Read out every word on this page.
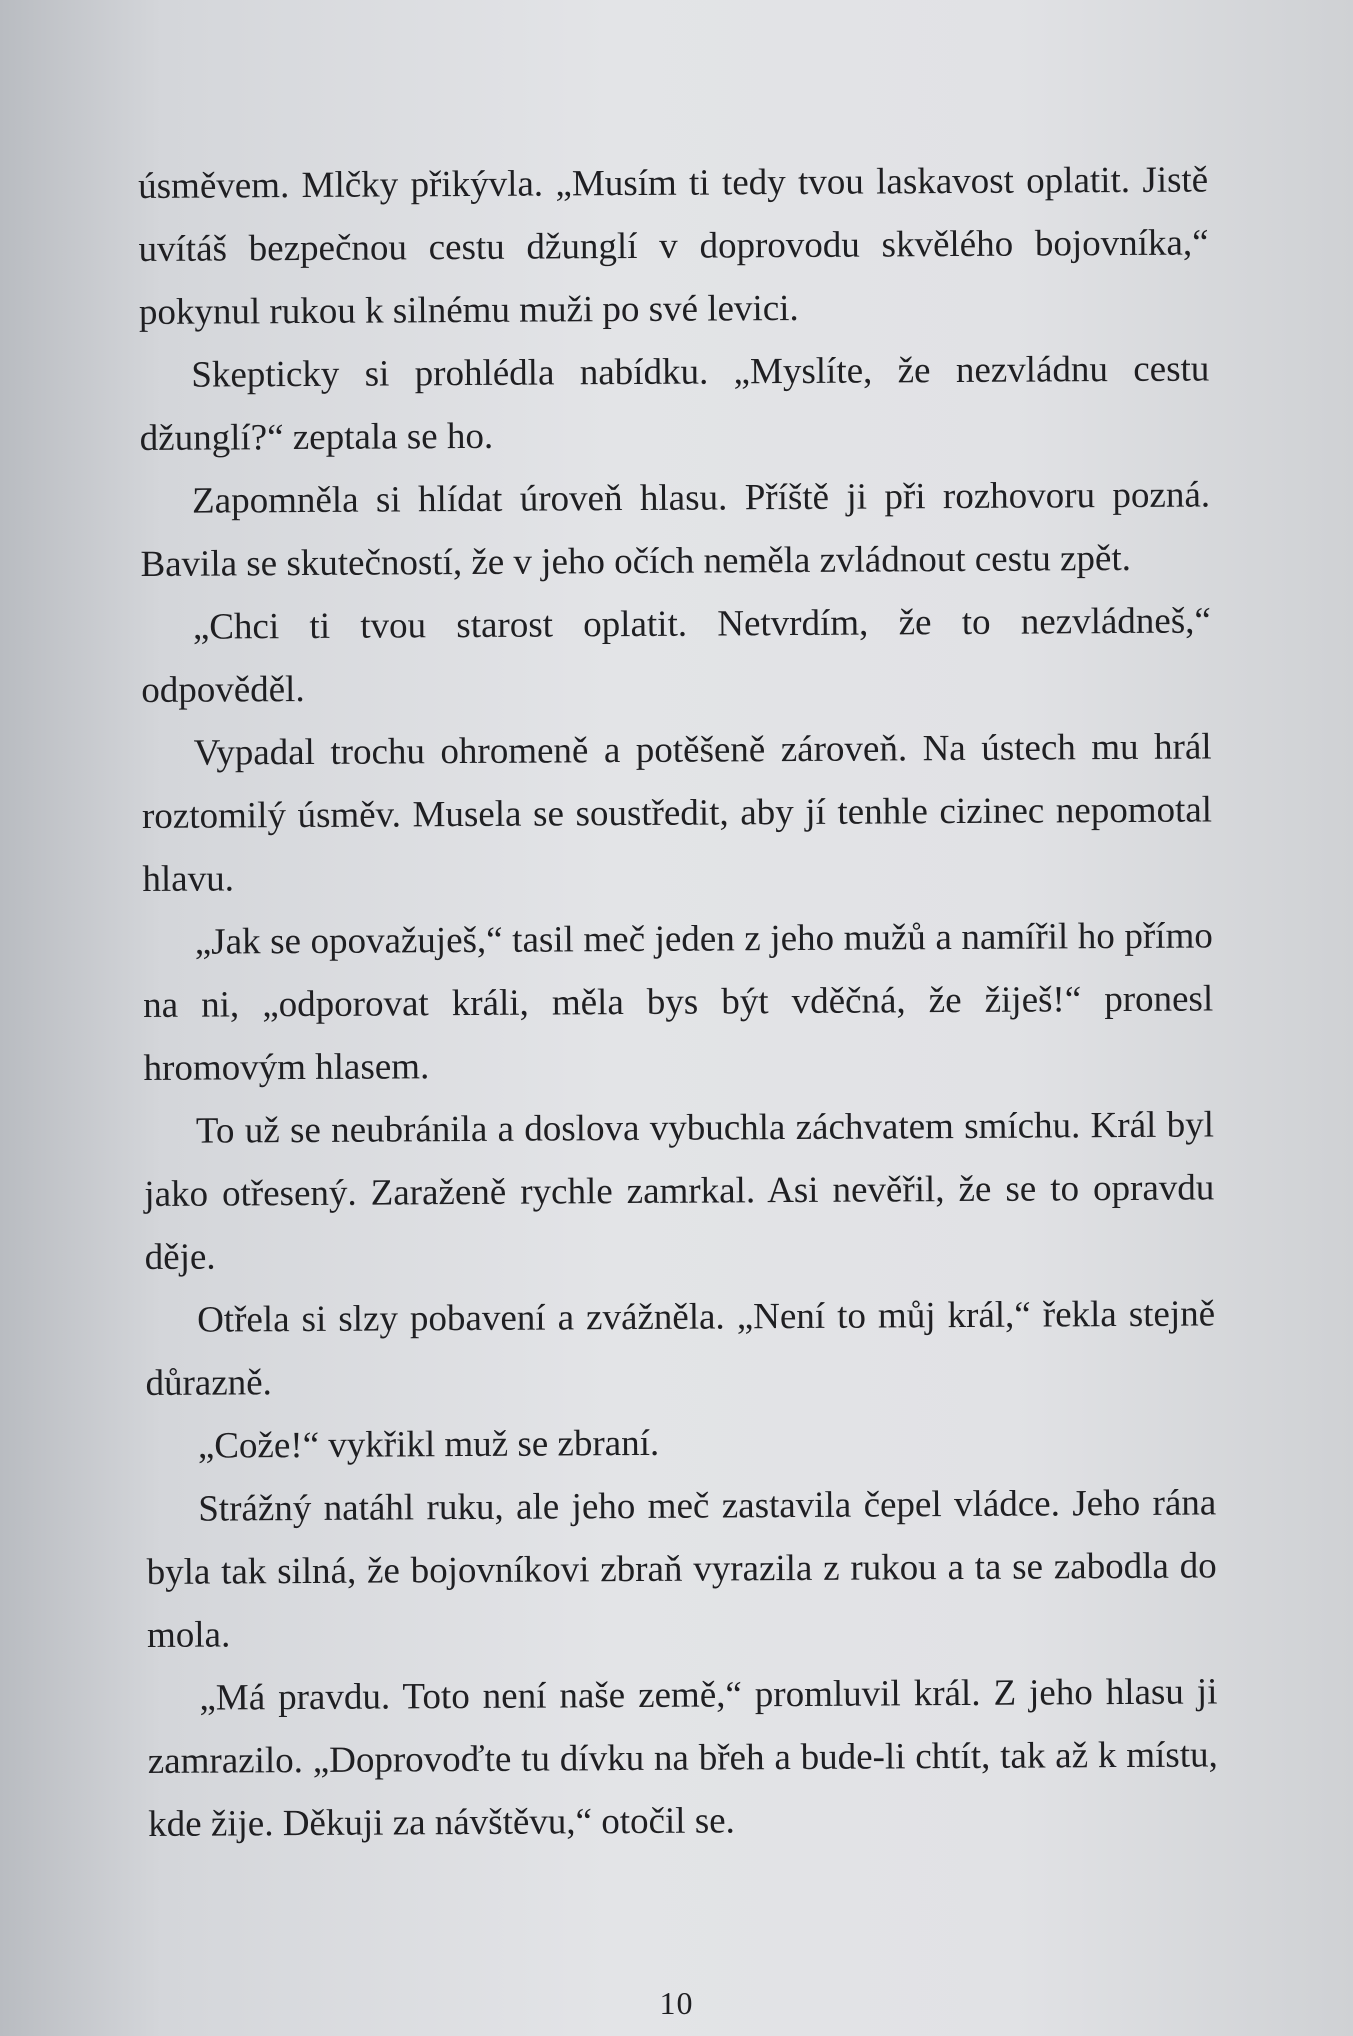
úsměvem. Mlčky přikývla. „Musím ti tedy tvou laskavost oplatit. Jistě uvítáš bezpečnou cestu džunglí v doprovodu skvělého bojovníka,“ pokynul rukou k silnému muži po své levici.

Skepticky si prohlédla nabídku. „Myslíte, že nezvládnu cestu džunglí?“ zeptala se ho.

Zapomněla si hlídat úroveň hlasu. Příště ji při rozhovoru pozná. Bavila se skutečností, že v jeho očích neměla zvládnout cestu zpět.

„Chci ti tvou starost oplatit. Netvrdím, že to nezvládneš,“ odpověděl.

Vypadal trochu ohromeně a potěšeně zároveň. Na ústech mu hrál roztomilý úsměv. Musela se soustředit, aby jí tenhle cizinec nepomotal hlavu.

„Jak se opovažuješ,“ tasil meč jeden z jeho mužů a namířil ho přímo na ni, „odporovat králi, měla bys být vděčná, že žiješ!“ pronesl hromovým hlasem.

To už se neubránila a doslova vybuchla záchvatem smíchu. Král byl jako otřesený. Zaraženě rychle zamrkal. Asi nevěřil, že se to opravdu děje.

Otřela si slzy pobavení a zvážněla. „Není to můj král,“ řekla stejně důrazně.

„Cože!“ vykřikl muž se zbraní.

Strážný natáhl ruku, ale jeho meč zastavila čepel vládce. Jeho rána byla tak silná, že bojovníkovi zbraň vyrazila z rukou a ta se zabodla do mola.

„Má pravdu. Toto není naše země,“ promluvil král. Z jeho hlasu ji zamrazilo. „Doprovoďte tu dívku na břeh a bude-li chtít, tak až k místu, kde žije. Děkuji za návštěvu,“ otočil se.

10
